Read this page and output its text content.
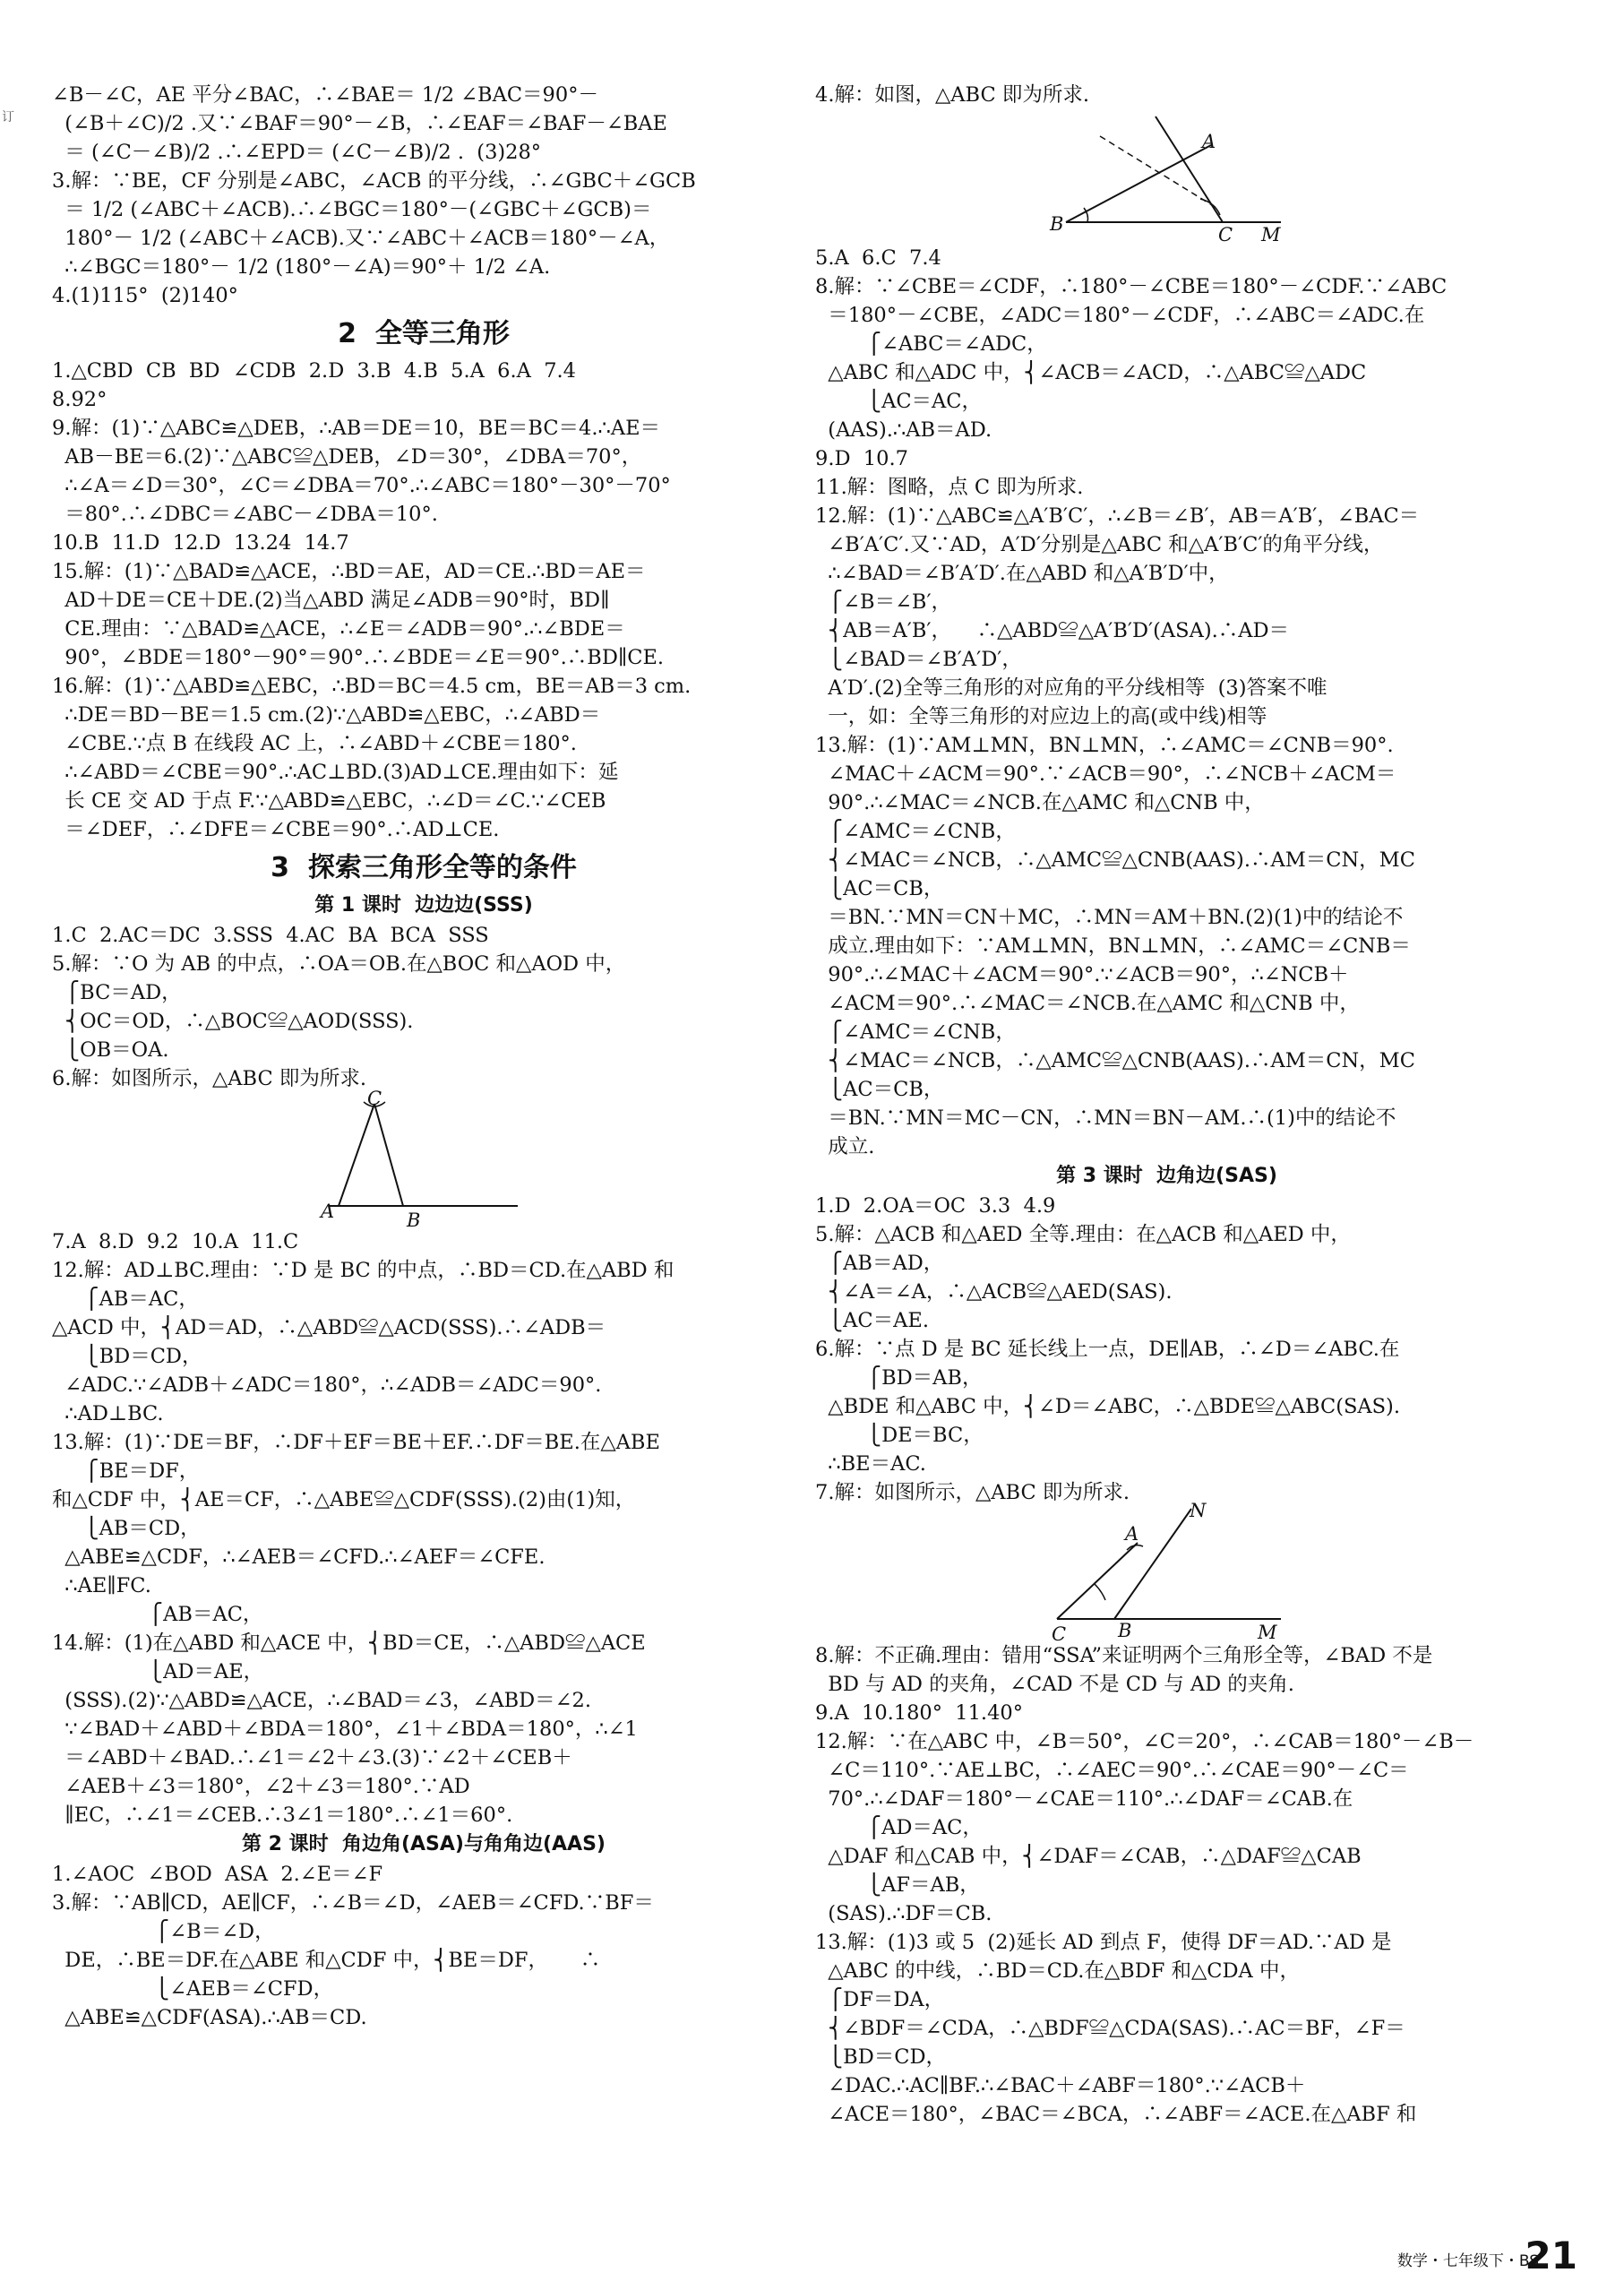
∠B－∠C，AE 平分∠BAC，∴∠BAE＝ 1/2 ∠BAC＝90°－
(∠B＋∠C)/2 .又∵∠BAF＝90°－∠B，∴∠EAF＝∠BAF－∠BAE
＝ (∠C－∠B)/2 .∴∠EPD＝ (∠C－∠B)/2 .  (3)28°
3.解：∵BE，CF 分别是∠ABC，∠ACB 的平分线，∴∠GBC＋∠GCB
＝ 1/2 (∠ABC＋∠ACB).∴∠BGC＝180°－(∠GBC＋∠GCB)＝
180°－ 1/2 (∠ABC＋∠ACB).又∵∠ABC＋∠ACB＝180°－∠A，
∴∠BGC＝180°－ 1/2 (180°－∠A)＝90°＋ 1/2 ∠A.
4.(1)115°  (2)140°
2  全等三角形
1.△CBD  CB  BD  ∠CDB  2.D  3.B  4.B  5.A  6.A  7.4
8.92°
9.解：(1)∵△ABC≌△DEB，∴AB＝DE＝10，BE＝BC＝4.∴AE＝
AB－BE＝6.(2)∵△ABC≌△DEB，∠D＝30°，∠DBA＝70°，
∴∠A＝∠D＝30°，∠C＝∠DBA＝70°.∴∠ABC＝180°－30°－70°
＝80°.∴∠DBC＝∠ABC－∠DBA＝10°.
10.B  11.D  12.D  13.24  14.7
15.解：(1)∵△BAD≌△ACE，∴BD＝AE，AD＝CE.∴BD＝AE＝
AD＋DE＝CE＋DE.(2)当△ABD 满足∠ADB＝90°时，BD∥
CE.理由：∵△BAD≌△ACE，∴∠E＝∠ADB＝90°.∴∠BDE＝
90°，∠BDE＝180°－90°＝90°.∴∠BDE＝∠E＝90°.∴BD∥CE.
16.解：(1)∵△ABD≌△EBC，∴BD＝BC＝4.5 cm，BE＝AB＝3 cm.
∴DE＝BD－BE＝1.5 cm.(2)∵△ABD≌△EBC，∴∠ABD＝
∠CBE.∵点 B 在线段 AC 上，∴∠ABD＋∠CBE＝180°.
∴∠ABD＝∠CBE＝90°.∴AC⊥BD.(3)AD⊥CE.理由如下：延
长 CE 交 AD 于点 F.∵△ABD≌△EBC，∴∠D＝∠C.∵∠CEB
＝∠DEF，∴∠DFE＝∠CBE＝90°.∴AD⊥CE.
3  探索三角形全等的条件
第 1 课时  边边边(SSS)
1.C  2.AC＝DC  3.SSS  4.AC  BA  BCA  SSS
5.解：∵O 为 AB 的中点，∴OA＝OB.在△BOC 和△AOD 中，
⎧BC＝AD，
⎨OC＝OD，∴△BOC≌△AOD(SSS).
⎩OB＝OA.
6.解：如图所示，△ABC 即为所求.
C
A	B
7.A  8.D  9.2  10.A  11.C
12.解：AD⊥BC.理由：∵D 是 BC 的中点，∴BD＝CD.在△ABD 和
⎧AB＝AC，
△ACD 中，⎨AD＝AD，∴△ABD≌△ACD(SSS).∴∠ADB＝
⎩BD＝CD，
∠ADC.∵∠ADB＋∠ADC＝180°，∴∠ADB＝∠ADC＝90°.
∴AD⊥BC.
13.解：(1)∵DE＝BF，∴DF＋EF＝BE＋EF.∴DF＝BE.在△ABE
⎧BE＝DF，
和△CDF 中，⎨AE＝CF，∴△ABE≌△CDF(SSS).(2)由(1)知，
⎩AB＝CD，
△ABE≌△CDF，∴∠AEB＝∠CFD.∴∠AEF＝∠CFE.
∴AE∥FC.
⎧AB＝AC，
14.解：(1)在△ABD 和△ACE 中，⎨BD＝CE，∴△ABD≌△ACE
⎩AD＝AE，
(SSS).(2)∵△ABD≌△ACE，∴∠BAD＝∠3，∠ABD＝∠2.
∵∠BAD＋∠ABD＋∠BDA＝180°，∠1＋∠BDA＝180°，∴∠1
＝∠ABD＋∠BAD.∴∠1＝∠2＋∠3.(3)∵∠2＋∠CEB＋
∠AEB＋∠3＝180°，∠2＋∠3＝180°.∵AD
∥EC，∴∠1＝∠CEB.∴3∠1＝180°.∴∠1＝60°.
第 2 课时  角边角(ASA)与角角边(AAS)
1.∠AOC  ∠BOD  ASA  2.∠E＝∠F
3.解：∵AB∥CD，AE∥CF，∴∠B＝∠D，∠AEB＝∠CFD.∵BF＝
⎧∠B＝∠D，
DE，∴BE＝DF.在△ABE 和△CDF 中，⎨BE＝DF，     ∴
⎩∠AEB＝∠CFD，
△ABE≌△CDF(ASA).∴AB＝CD.
4.解：如图，△ABC 即为所求.
A
B	C M
5.A  6.C  7.4
8.解：∵∠CBE＝∠CDF，∴180°－∠CBE＝180°－∠CDF.∵∠ABC
＝180°－∠CBE，∠ADC＝180°－∠CDF，∴∠ABC＝∠ADC.在
⎧∠ABC＝∠ADC，
△ABC 和△ADC 中，⎨∠ACB＝∠ACD，∴△ABC≌△ADC
⎩AC＝AC，
(AAS).∴AB＝AD.
9.D  10.7
11.解：图略，点 C 即为所求.
12.解：(1)∵△ABC≌△A′B′C′，∴∠B＝∠B′，AB＝A′B′，∠BAC＝
∠B′A′C′.又∵AD，A′D′分别是△ABC 和△A′B′C′的角平分线，
∴∠BAD＝∠B′A′D′.在△ABD 和△A′B′D′中，
⎧∠B＝∠B′，
⎨AB＝A′B′，    ∴△ABD≌△A′B′D′(ASA).∴AD＝
⎩∠BAD＝∠B′A′D′，
A′D′.(2)全等三角形的对应角的平分线相等  (3)答案不唯
一，如：全等三角形的对应边上的高(或中线)相等
13.解：(1)∵AM⊥MN，BN⊥MN，∴∠AMC＝∠CNB＝90°.
∠MAC＋∠ACM＝90°.∵∠ACB＝90°，∴∠NCB＋∠ACM＝
90°.∴∠MAC＝∠NCB.在△AMC 和△CNB 中，
⎧∠AMC＝∠CNB，
⎨∠MAC＝∠NCB，∴△AMC≌△CNB(AAS).∴AM＝CN，MC
⎩AC＝CB，
＝BN.∵MN＝CN＋MC，∴MN＝AM＋BN.(2)(1)中的结论不
成立.理由如下：∵AM⊥MN，BN⊥MN，∴∠AMC＝∠CNB＝
90°.∴∠MAC＋∠ACM＝90°.∵∠ACB＝90°，∴∠NCB＋
∠ACM＝90°.∴∠MAC＝∠NCB.在△AMC 和△CNB 中，
⎧∠AMC＝∠CNB，
⎨∠MAC＝∠NCB，∴△AMC≌△CNB(AAS).∴AM＝CN，MC
⎩AC＝CB，
＝BN.∵MN＝MC－CN，∴MN＝BN－AM.∴(1)中的结论不
成立.
第 3 课时  边角边(SAS)
1.D  2.OA＝OC  3.3  4.9
5.解：△ACB 和△AED 全等.理由：在△ACB 和△AED 中，
⎧AB＝AD，
⎨∠A＝∠A，∴△ACB≌△AED(SAS).
⎩AC＝AE.
6.解：∵点 D 是 BC 延长线上一点，DE∥AB，∴∠D＝∠ABC.在
⎧BD＝AB，
△BDE 和△ABC 中，⎨∠D＝∠ABC，∴△BDE≌△ABC(SAS).
⎩DE＝BC，
∴BE＝AC.
7.解：如图所示，△ABC 即为所求.
N
A
C	B	M
8.解：不正确.理由：错用“SSA”来证明两个三角形全等，∠BAD 不是
BD 与 AD 的夹角，∠CAD 不是 CD 与 AD 的夹角.
9.A  10.180°  11.40°
12.解：∵在△ABC 中，∠B＝50°，∠C＝20°，∴∠CAB＝180°－∠B－
∠C＝110°.∵AE⊥BC，∴∠AEC＝90°.∴∠CAE＝90°－∠C＝
70°.∴∠DAF＝180°－∠CAE＝110°.∴∠DAF＝∠CAB.在
⎧AD＝AC，
△DAF 和△CAB 中，⎨∠DAF＝∠CAB，∴△DAF≌△CAB
⎩AF＝AB，
(SAS).∴DF＝CB.
13.解：(1)3 或 5  (2)延长 AD 到点 F，使得 DF＝AD.∵AD 是
△ABC 的中线，∴BD＝CD.在△BDF 和△CDA 中，
⎧DF＝DA，
⎨∠BDF＝∠CDA，∴△BDF≌△CDA(SAS).∴AC＝BF，∠F＝
⎩BD＝CD，
∠DAC.∴AC∥BF.∴∠BAC＋∠ABF＝180°.∵∠ACB＋
∠ACE＝180°，∠BAC＝∠BCA，∴∠ABF＝∠ACE.在△ABF 和
订
数学・七年级下・BS
21
